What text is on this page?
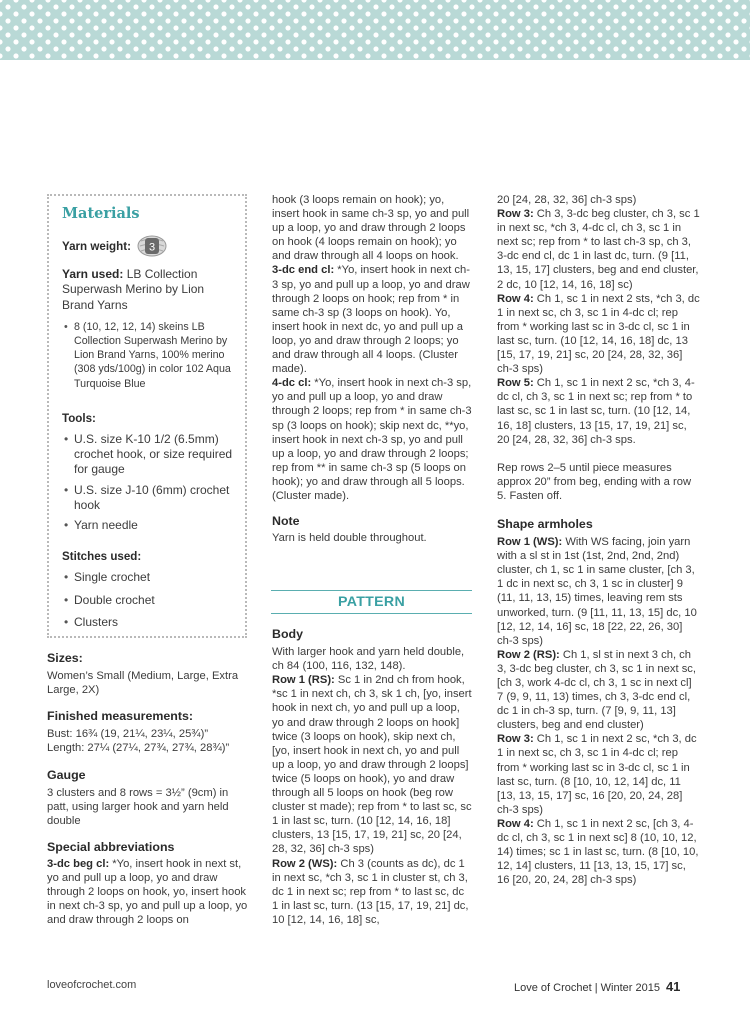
Materials

Yarn weight: 3

Yarn used: LB Collection Superwash Merino by Lion Brand Yarns

• 8 (10, 12, 12, 14) skeins LB Collection Superwash Merino by Lion Brand Yarns, 100% merino (308 yds/100g) in color 102 Aqua Turquoise Blue

Tools:

• U.S. size K-10 1/2 (6.5mm) crochet hook, or size required for gauge
• U.S. size J-10 (6mm) crochet hook
• Yarn needle

Stitches used:

• Single crochet
• Double crochet
• Clusters

Sizes:

Women’s Small (Medium, Large, Extra Large, 2X)

Finished measurements:

Bust: 16¾ (19, 21¼, 23¼, 25¾)”

Length: 27¼ (27¼, 27¾, 27¾, 28¾)”

Gauge

3 clusters and 8 rows = 3½” (9cm) in patt, using larger hook and yarn held double

Special abbreviations

3-dc beg cl: *Yo, insert hook in next st, yo and pull up a loop, yo and draw through 2 loops on hook, yo, insert hook in next ch-3 sp, yo and pull up a loop, yo and draw through 2 loops on

hook (3 loops remain on hook); yo, insert hook in same ch-3 sp, yo and pull up a loop, yo and draw through 2 loops on hook (4 loops remain on hook); yo and draw through all 4 loops on hook.

3-dc end cl: *Yo, insert hook in next ch-3 sp, yo and pull up a loop, yo and draw through 2 loops on hook; rep from * in same ch-3 sp (3 loops on hook). Yo, insert hook in next dc, yo and pull up a loop, yo and draw through 2 loops; yo and draw through all 4 loops. (Cluster made).

4-dc cl: *Yo, insert hook in next ch-3 sp, yo and pull up a loop, yo and draw through 2 loops; rep from * in same ch-3 sp (3 loops on hook); skip next dc, **yo, insert hook in next ch-3 sp, yo and pull up a loop, yo and draw through 2 loops; rep from ** in same ch-3 sp (5 loops on hook); yo and draw through all 5 loops. (Cluster made).

Note

Yarn is held double throughout.

PATTERN

Body

With larger hook and yarn held double, ch 84 (100, 116, 132, 148).

Row 1 (RS): Sc 1 in 2nd ch from hook, *sc 1 in next ch, ch 3, sk 1 ch, [yo, insert hook in next ch, yo and pull up a loop, yo and draw through 2 loops on hook] twice (3 loops on hook), skip next ch, [yo, insert hook in next ch, yo and pull up a loop, yo and draw through 2 loops] twice (5 loops on hook), yo and draw through all 5 loops on hook (beg row cluster st made); rep from * to last sc, sc 1 in last sc, turn. (10 [12, 14, 16, 18] clusters, 13 [15, 17, 19, 21] sc, 20 [24, 28, 32, 36] ch-3 sps)

Row 2 (WS): Ch 3 (counts as dc), dc 1 in next sc, *ch 3, sc 1 in cluster st, ch 3, dc 1 in next sc; rep from * to last sc, dc 1 in last sc, turn. (13 [15, 17, 19, 21] dc, 10 [12, 14, 16, 18] sc,

20 [24, 28, 32, 36] ch-3 sps)

Row 3: Ch 3, 3-dc beg cluster, ch 3, sc 1 in next sc, *ch 3, 4-dc cl, ch 3, sc 1 in next sc; rep from * to last ch-3 sp, ch 3, 3-dc end cl, dc 1 in last dc, turn. (9 [11, 13, 15, 17] clusters, beg and end cluster, 2 dc, 10 [12, 14, 16, 18] sc)

Row 4: Ch 1, sc 1 in next 2 sts, *ch 3, dc 1 in next sc, ch 3, sc 1 in 4-dc cl; rep from * working last sc in 3-dc cl, sc 1 in last sc, turn. (10 [12, 14, 16, 18] dc, 13 [15, 17, 19, 21] sc, 20 [24, 28, 32, 36] ch-3 sps)

Row 5: Ch 1, sc 1 in next 2 sc, *ch 3, 4-dc cl, ch 3, sc 1 in next sc; rep from * to last sc, sc 1 in last sc, turn. (10 [12, 14, 16, 18] clusters, 13 [15, 17, 19, 21] sc, 20 [24, 28, 32, 36] ch-3 sps.

Rep rows 2–5 until piece measures approx 20” from beg, ending with a row 5. Fasten off.

Shape armholes

Row 1 (WS): With WS facing, join yarn with a sl st in 1st (1st, 2nd, 2nd, 2nd) cluster, ch 1, sc 1 in same cluster, [ch 3, 1 dc in next sc, ch 3, 1 sc in cluster] 9 (11, 11, 13, 15) times, leaving rem sts unworked, turn. (9 [11, 11, 13, 15] dc, 10 [12, 12, 14, 16] sc, 18 [22, 22, 26, 30] ch-3 sps)

Row 2 (RS): Ch 1, sl st in next 3 ch, ch 3, 3-dc beg cluster, ch 3, sc 1 in next sc, [ch 3, work 4-dc cl, ch 3, 1 sc in next cl] 7 (9, 9, 11, 13) times, ch 3, 3-dc end cl, dc 1 in ch-3 sp, turn. (7 [9, 9, 11, 13] clusters, beg and end cluster)

Row 3: Ch 1, sc 1 in next 2 sc, *ch 3, dc 1 in next sc, ch 3, sc 1 in 4-dc cl; rep from * working last sc in 3-dc cl, sc 1 in last sc, turn. (8 [10, 10, 12, 14] dc, 11 [13, 13, 15, 17] sc, 16 [20, 20, 24, 28] ch-3 sps)

Row 4: Ch 1, sc 1 in next 2 sc, [ch 3, 4-dc cl, ch 3, sc 1 in next sc] 8 (10, 10, 12, 14) times; sc 1 in last sc, turn. (8 [10, 10, 12, 14] clusters, 11 [13, 13, 15, 17] sc, 16 [20, 20, 24, 28] ch-3 sps)

loveofcrochet.com	Love of Crochet | Winter 2015 41
